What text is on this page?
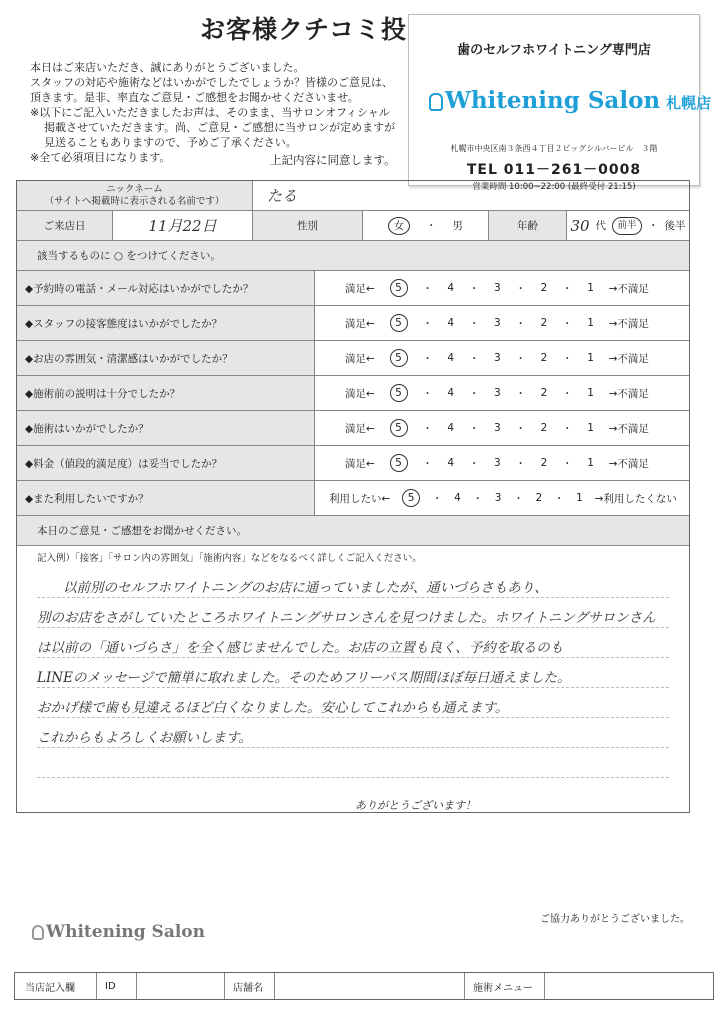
お客様クチコミ投
本日はご来店いただき、誠にありがとうございました。
スタッフの対応や施術などはいかがでしたでしょうか？皆様のご意見は、
頂きます。是非、率直なご意見・ご感想をお聞かせくださいませ。
※以下にご記入いただきましたお声は、そのまま、当サロンオフィシャル
掲載させていただきます。尚、ご意見・ご感想に当サロンが定めますが
見送ることもありますので、予めご了承ください。
※全て必須項目になります。	上記内容に同意します。
歯のセルフホワイトニング専門店
Whitening Salon 札幌店
札幌市中央区南３条西４丁目２ビッグシルバービル　３階
TEL 011－261－0008
営業時間 10:00~22:00 (最終受付 21:15)
ニックネーム
（サイトへ掲載時に表示される名前です）	たる
ご来店日	11月22日	性別	女	・ 男	年齢	30 代	前半	・ 後半
該当するものに ○ をつけてください。
◆予約時の電話・メール対応はいかがでしたか？	満足←	5	・ 4 ・ 3 ・ 2 ・ 1 →不満足
◆スタッフの接客態度はいかがでしたか？	満足←	5	・ 4 ・ 3 ・ 2 ・ 1 →不満足
◆お店の雰囲気・清潔感はいかがでしたか？	満足←	5	・ 4 ・ 3 ・ 2 ・ 1 →不満足
◆施術前の説明は十分でしたか？	満足←	5	・ 4 ・ 3 ・ 2 ・ 1 →不満足
◆施術はいかがでしたか？	満足←	5	・ 4 ・ 3 ・ 2 ・ 1 →不満足
◆料金（値段的満足度）は妥当でしたか？	満足←	5	・ 4 ・ 3 ・ 2 ・ 1 →不満足
◆また利用したいですか？	利用したい←	5	・ 4 ・ 3 ・ 2 ・ 1 →利用したくない
本日のご意見・ご感想をお聞かせください。
記入例）「接客」「サロン内の雰囲気」「施術内容」などをなるべく詳しくご記入ください。
以前別のセルフホワイトニングのお店に通っていましたが、通いづらさもあり、
別のお店をさがしていたところホワイトニングサロンさんを見つけました。ホワイトニングサロンさん
は以前の「通いづらさ」を全く感じませんでした。お店の立置も良く、予約を取るのも
LINEのメッセージで簡単に取れました。そのためフリーパス期間ほぼ毎日通えました。
おかげ様で歯も見違えるほど白くなりました。安心してこれからも通えます。
これからもよろしくお願いします。
ありがとうございます！
ご協力ありがとうございました。
Whitening Salon
当店記入欄	ID	店舗名	施術メニュー
